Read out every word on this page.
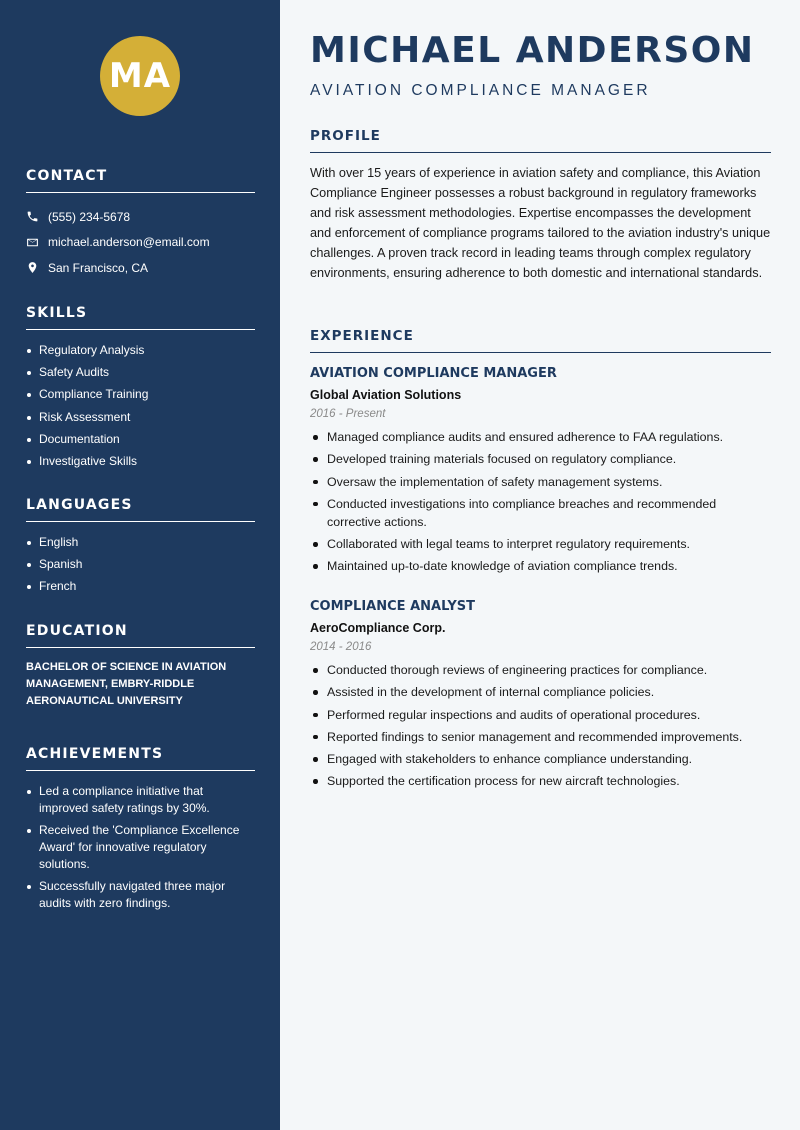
MA
CONTACT
(555) 234-5678
michael.anderson@email.com
San Francisco, CA
SKILLS
Regulatory Analysis
Safety Audits
Compliance Training
Risk Assessment
Documentation
Investigative Skills
LANGUAGES
English
Spanish
French
EDUCATION
BACHELOR OF SCIENCE IN AVIATION MANAGEMENT, EMBRY-RIDDLE AERONAUTICAL UNIVERSITY
ACHIEVEMENTS
Led a compliance initiative that improved safety ratings by 30%.
Received the 'Compliance Excellence Award' for innovative regulatory solutions.
Successfully navigated three major audits with zero findings.
MICHAEL ANDERSON
AVIATION COMPLIANCE MANAGER
PROFILE

With over 15 years of experience in aviation safety and compliance, this Aviation Compliance Engineer possesses a robust background in regulatory frameworks and risk assessment methodologies. Expertise encompasses the development and enforcement of compliance programs tailored to the aviation industry's unique challenges. A proven track record in leading teams through complex regulatory environments, ensuring adherence to both domestic and international standards.

EXPERIENCE
AVIATION COMPLIANCE MANAGER
Global Aviation Solutions
2016 - Present
Managed compliance audits and ensured adherence to FAA regulations.
Developed training materials focused on regulatory compliance.
Oversaw the implementation of safety management systems.
Conducted investigations into compliance breaches and recommended corrective actions.
Collaborated with legal teams to interpret regulatory requirements.
Maintained up-to-date knowledge of aviation compliance trends.
COMPLIANCE ANALYST
AeroCompliance Corp.
2014 - 2016
Conducted thorough reviews of engineering practices for compliance.
Assisted in the development of internal compliance policies.
Performed regular inspections and audits of operational procedures.
Reported findings to senior management and recommended improvements.
Engaged with stakeholders to enhance compliance understanding.
Supported the certification process for new aircraft technologies.
